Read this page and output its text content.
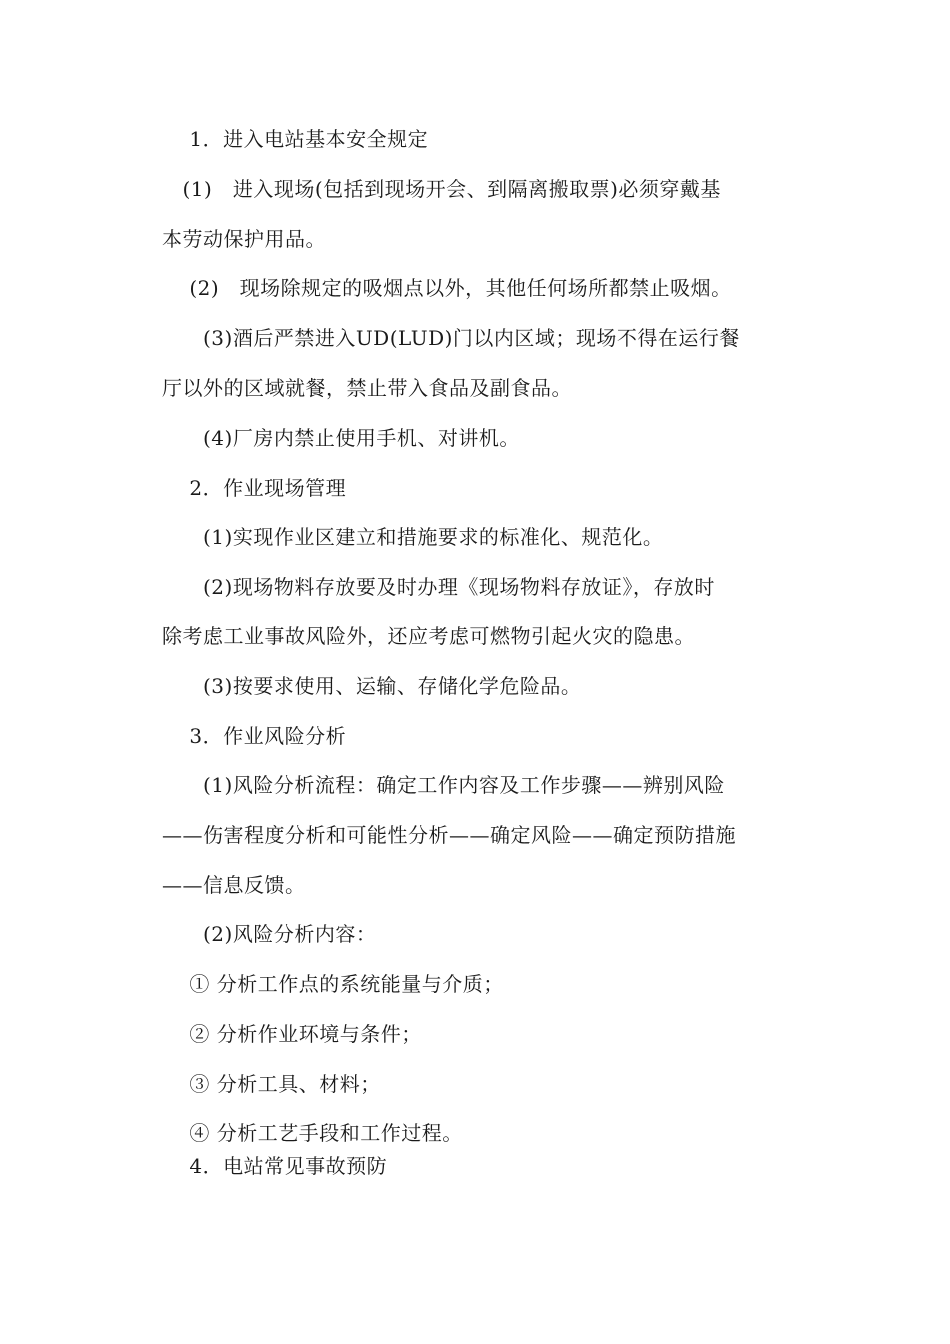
　 1．进入电站基本安全规定
　(1)　进入现场(包括到现场开会、到隔离搬取票)必须穿戴基
本劳动保护用品。
　 (2)　现场除规定的吸烟点以外，其他任何场所都禁止吸烟。
　　(3)酒后严禁进入UD(LUD)门以内区域；现场不得在运行餐
厅以外的区域就餐，禁止带入食品及副食品。
　　(4)厂房内禁止使用手机、对讲机。
　 2．作业现场管理
　　(1)实现作业区建立和措施要求的标准化、规范化。
　　(2)现场物料存放要及时办理《现场物料存放证》，存放时
除考虑工业事故风险外，还应考虑可燃物引起火灾的隐患。
　　(3)按要求使用、运输、存储化学危险品。
　 3．作业风险分析
　　(1)风险分析流程：确定工作内容及工作步骤——辨别风险
——伤害程度分析和可能性分析——确定风险——确定预防措施
——信息反馈。
　　(2)风险分析内容：
　 ① 分析工作点的系统能量与介质；
　 ② 分析作业环境与条件；
　 ③ 分析工具、材料；
　 ④ 分析工艺手段和工作过程。
　 4．电站常见事故预防
